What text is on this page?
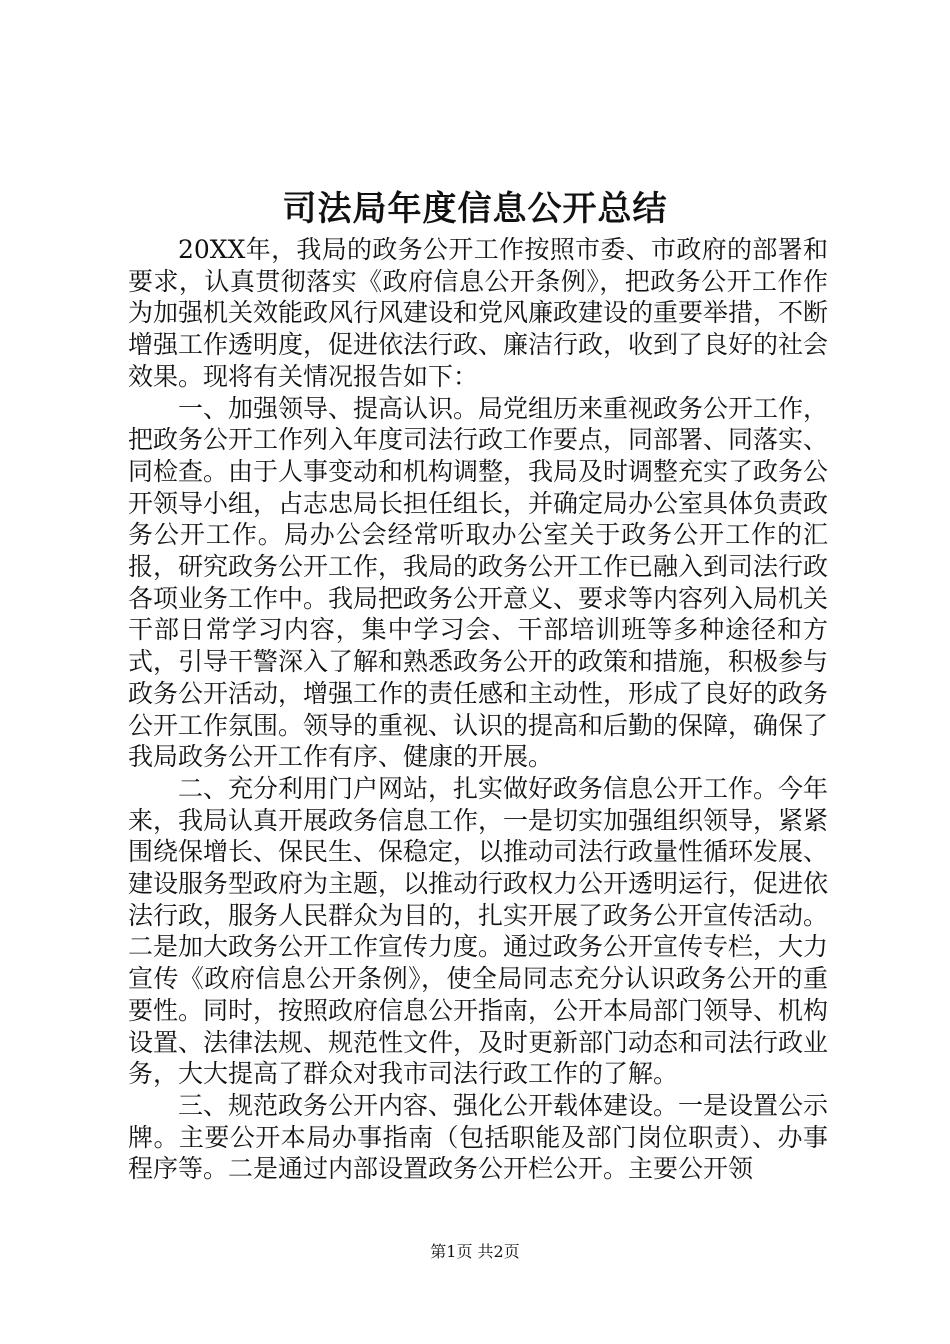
司法局年度信息公开总结

20XX年，我局的政务公开工作按照市委、市政府的部署和要求，认真贯彻落实《政府信息公开条例》，把政务公开工作作为加强机关效能政风行风建设和党风廉政建设的重要举措，不断增强工作透明度，促进依法行政、廉洁行政，收到了良好的社会效果。现将有关情况报告如下：

一、加强领导、提高认识。局党组历来重视政务公开工作，把政务公开工作列入年度司法行政工作要点，同部署、同落实、同检查。由于人事变动和机构调整，我局及时调整充实了政务公开领导小组，占志忠局长担任组长，并确定局办公室具体负责政务公开工作。局办公会经常听取办公室关于政务公开工作的汇报，研究政务公开工作，我局的政务公开工作已融入到司法行政各项业务工作中。我局把政务公开意义、要求等内容列入局机关干部日常学习内容，集中学习会、干部培训班等多种途径和方式，引导干警深入了解和熟悉政务公开的政策和措施，积极参与政务公开活动，增强工作的责任感和主动性，形成了良好的政务公开工作氛围。领导的重视、认识的提高和后勤的保障，确保了我局政务公开工作有序、健康的开展。

二、充分利用门户网站，扎实做好政务信息公开工作。今年来，我局认真开展政务信息工作，一是切实加强组织领导，紧紧围绕保增长、保民生、保稳定，以推动司法行政量性循环发展、建设服务型政府为主题，以推动行政权力公开透明运行，促进依法行政，服务人民群众为目的，扎实开展了政务公开宣传活动。二是加大政务公开工作宣传力度。通过政务公开宣传专栏，大力宣传《政府信息公开条例》，使全局同志充分认识政务公开的重要性。同时，按照政府信息公开指南，公开本局部门领导、机构设置、法律法规、规范性文件，及时更新部门动态和司法行政业务，大大提高了群众对我市司法行政工作的了解。

三、规范政务公开内容、强化公开载体建设。一是设置公示牌。主要公开本局办事指南（包括职能及部门岗位职责）、办事程序等。二是通过内部设置政务公开栏公开。主要公开领

第1页 共2页
